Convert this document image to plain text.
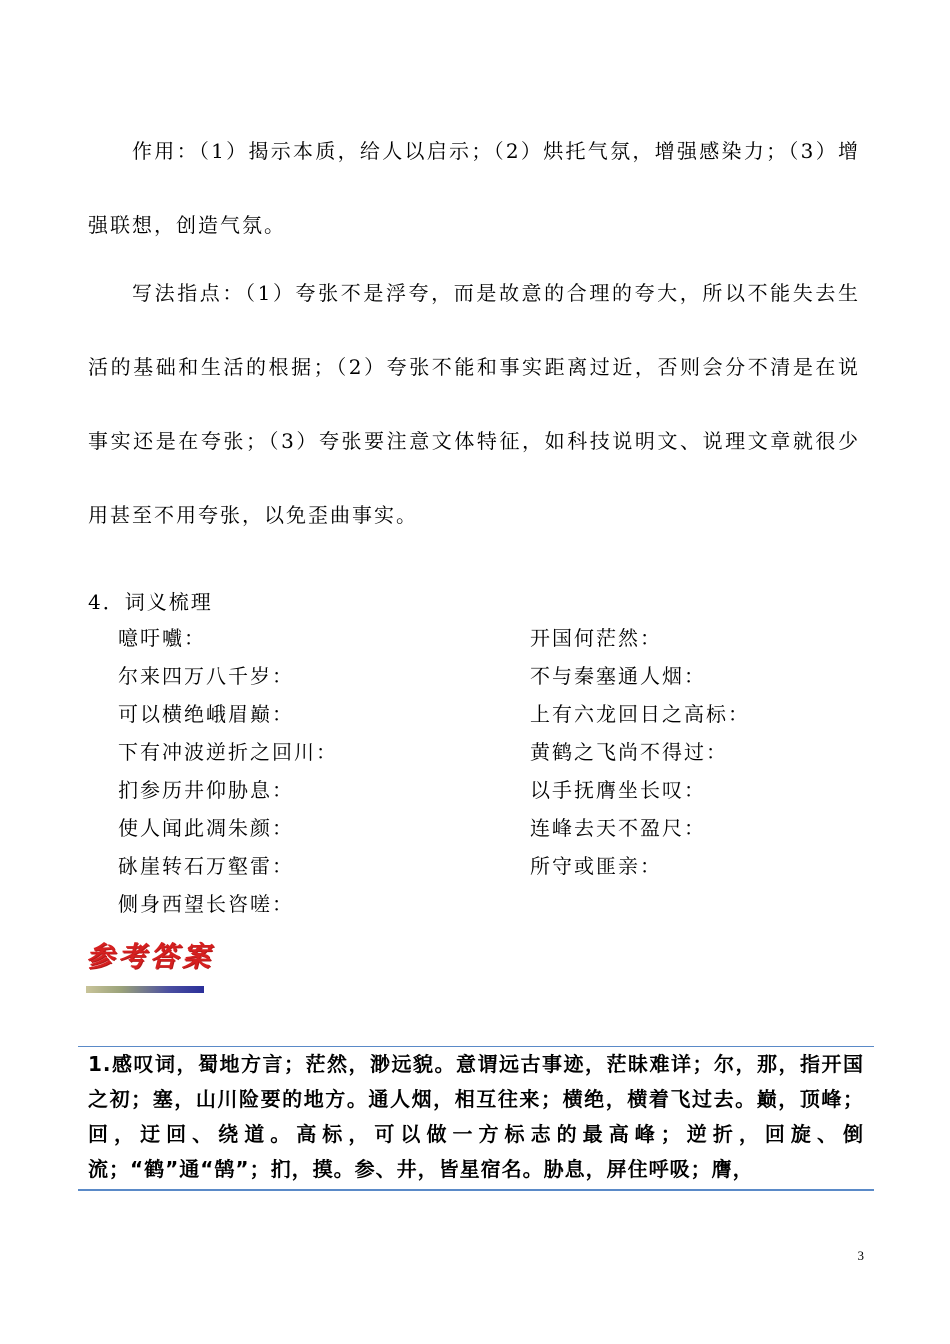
作用：（1）揭示本质，给人以启示；（2）烘托气氛，增强感染力；（3）增强联想，创造气氛。

写法指点：（1）夸张不是浮夸，而是故意的合理的夸大，所以不能失去生活的基础和生活的根据；（2）夸张不能和事实距离过近，否则会分不清是在说事实还是在夸张；（3）夸张要注意文体特征，如科技说明文、说理文章就很少用甚至不用夸张，以免歪曲事实。

4．词义梳理
噫吁嚱：	开国何茫然：
尔来四万八千岁：	不与秦塞通人烟：
可以横绝峨眉巅：	上有六龙回日之高标：
下有冲波逆折之回川：	黄鹤之飞尚不得过：
扪参历井仰胁息：	以手抚膺坐长叹：
使人闻此凋朱颜：	连峰去天不盈尺：
砯崖转石万壑雷：	所守或匪亲：
侧身西望长咨嗟：
参考答案

1.感叹词，蜀地方言；茫然，渺远貌。意谓远古事迹，茫昧难详；尔，那，指开国之初；塞，山川险要的地方。通人烟，相互往来；横绝，横着飞过去。巅，顶峰；回，迂回、绕道。高标，可以做一方标志的最高峰；逆折，回旋、倒流；“鹤”通“鹄”；扪，摸。参、井，皆星宿名。胁息，屏住呼吸；膺，

3
